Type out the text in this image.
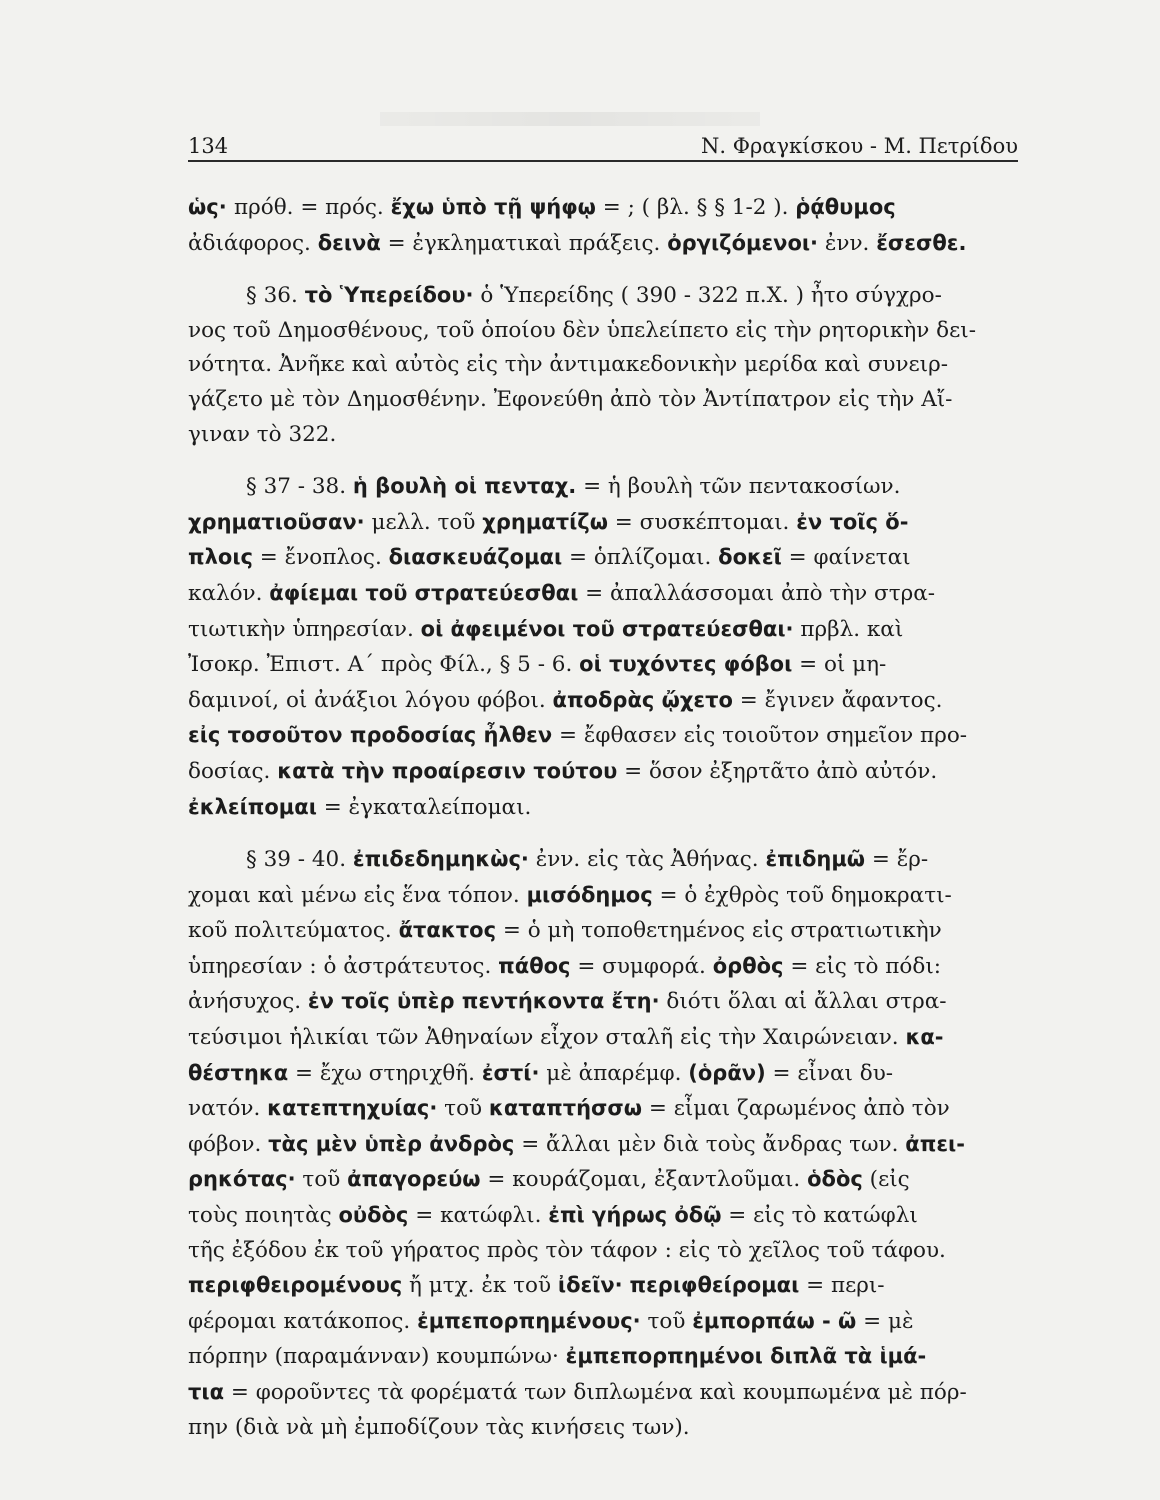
134	Ν. Φραγκίσκου - Μ. Πετρίδου
ὡς· πρόθ. = πρός. ἔχω ὑπὸ τῇ ψήφῳ = ; ( βλ. § § 1-2 ). ῥᾴθυμος
ἀδιάφορος. δεινὰ = ἐγκληματικαὶ πράξεις. ὀργιζόμενοι· ἐνν. ἔσεσθε.
§ 36. τὸ Ὑπερείδου· ὁ Ὑπερείδης ( 390 - 322 π.Χ. ) ἦτο σύγχρο-
νος τοῦ Δημοσθένους, τοῦ ὁποίου δὲν ὑπελείπετο εἰς τὴν ρητορικὴν δει-
νότητα. Ἀνῆκε καὶ αὐτὸς εἰς τὴν ἀντιμακεδονικὴν μερίδα καὶ συνειρ-
γάζετο μὲ τὸν Δημοσθένην. Ἐφονεύθη ἀπὸ τὸν Ἀντίπατρον εἰς τὴν Αἴ-
γιναν τὸ 322.
§ 37 - 38. ἡ βουλὴ οἱ πενταχ. = ἡ βουλὴ τῶν πεντακοσίων.
χρηματιοῦσαν· μελλ. τοῦ χρηματίζω = συσκέπτομαι. ἐν τοῖς ὅ-
πλοις = ἔνοπλος. διασκευάζομαι = ὁπλίζομαι. δοκεῖ = φαίνεται
καλόν. ἀφίεμαι τοῦ στρατεύεσθαι = ἀπαλλάσσομαι ἀπὸ τὴν στρα-
τιωτικὴν ὑπηρεσίαν. οἱ ἀφειμένοι τοῦ στρατεύεσθαι· πρβλ. καὶ
Ἰσοκρ. Ἐπιστ. Α΄ πρὸς Φίλ., § 5 - 6. οἱ τυχόντες φόβοι = οἱ μη-
δαμινοί, οἱ ἀνάξιοι λόγου φόβοι. ἀποδρὰς ᾤχετο = ἔγινεν ἄφαντος.
εἰς τοσοῦτον προδοσίας ἦλθεν = ἔφθασεν εἰς τοιοῦτον σημεῖον προ-
δοσίας. κατὰ τὴν προαίρεσιν τούτου = ὅσον ἐξηρτᾶτο ἀπὸ αὐτόν.
ἐκλείπομαι = ἐγκαταλείπομαι.
§ 39 - 40. ἐπιδεδημηκὼς· ἐνν. εἰς τὰς Ἀθήνας. ἐπιδημῶ = ἔρ-
χομαι καὶ μένω εἰς ἕνα τόπον. μισόδημος = ὁ ἐχθρὸς τοῦ δημοκρατι-
κοῦ πολιτεύματος. ἄτακτος = ὁ μὴ τοποθετημένος εἰς στρατιωτικὴν
ὑπηρεσίαν : ὁ ἀστράτευτος. πάθος = συμφορά. ὀρθὸς = εἰς τὸ πόδι:
ἀνήσυχος. ἐν τοῖς ὑπὲρ πεντήκοντα ἔτη· διότι ὅλαι αἱ ἄλλαι στρα-
τεύσιμοι ἡλικίαι τῶν Ἀθηναίων εἶχον σταλῆ εἰς τὴν Χαιρώνειαν. κα-
θέστηκα = ἔχω στηριχθῆ. ἐστί· μὲ ἀπαρέμφ. (ὁρᾶν) = εἶναι δυ-
νατόν. κατεπτηχυίας· τοῦ καταπτήσσω = εἶμαι ζαρωμένος ἀπὸ τὸν
φόβον. τὰς μὲν ὑπὲρ ἀνδρὸς = ἄλλαι μὲν διὰ τοὺς ἄνδρας των. ἀπει-
ρηκότας· τοῦ ἀπαγορεύω = κουράζομαι, ἐξαντλοῦμαι. ὁδὸς (εἰς
τοὺς ποιητὰς οὐδὸς = κατώφλι. ἐπὶ γήρως ὀδῷ = εἰς τὸ κατώφλι
τῆς ἐξόδου ἐκ τοῦ γήρατος πρὸς τὸν τάφον : εἰς τὸ χεῖλος τοῦ τάφου.
περιφθειρομένους ἤ μτχ. ἐκ τοῦ ἰδεῖν· περιφθείρομαι = περι-
φέρομαι κατάκοπος. ἐμπεπορπημένους· τοῦ ἐμπορπάω - ῶ = μὲ
πόρπην (παραμάνναν) κουμπώνω· ἐμπεπορπημένοι διπλᾶ τὰ ἱμά-
τια = φοροῦντες τὰ φορέματά των διπλωμένα καὶ κουμπωμένα μὲ πόρ-
πην (διὰ νὰ μὴ ἐμποδίζουν τὰς κινήσεις των).
